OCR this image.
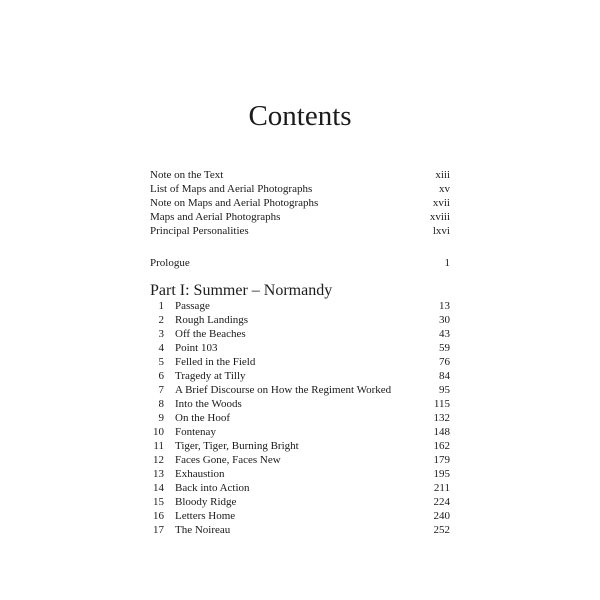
Contents
Note on the Text	xiii
List of Maps and Aerial Photographs	xv
Note on Maps and Aerial Photographs	xvii
Maps and Aerial Photographs	xviii
Principal Personalities	lxvi
Prologue	1
Part I: Summer – Normandy
1 Passage	13
2 Rough Landings	30
3 Off the Beaches	43
4 Point 103	59
5 Felled in the Field	76
6 Tragedy at Tilly	84
7 A Brief Discourse on How the Regiment Worked	95
8 Into the Woods	115
9 On the Hoof	132
10 Fontenay	148
11 Tiger, Tiger, Burning Bright	162
12 Faces Gone, Faces New	179
13 Exhaustion	195
14 Back into Action	211
15 Bloody Ridge	224
16 Letters Home	240
17 The Noireau	252
